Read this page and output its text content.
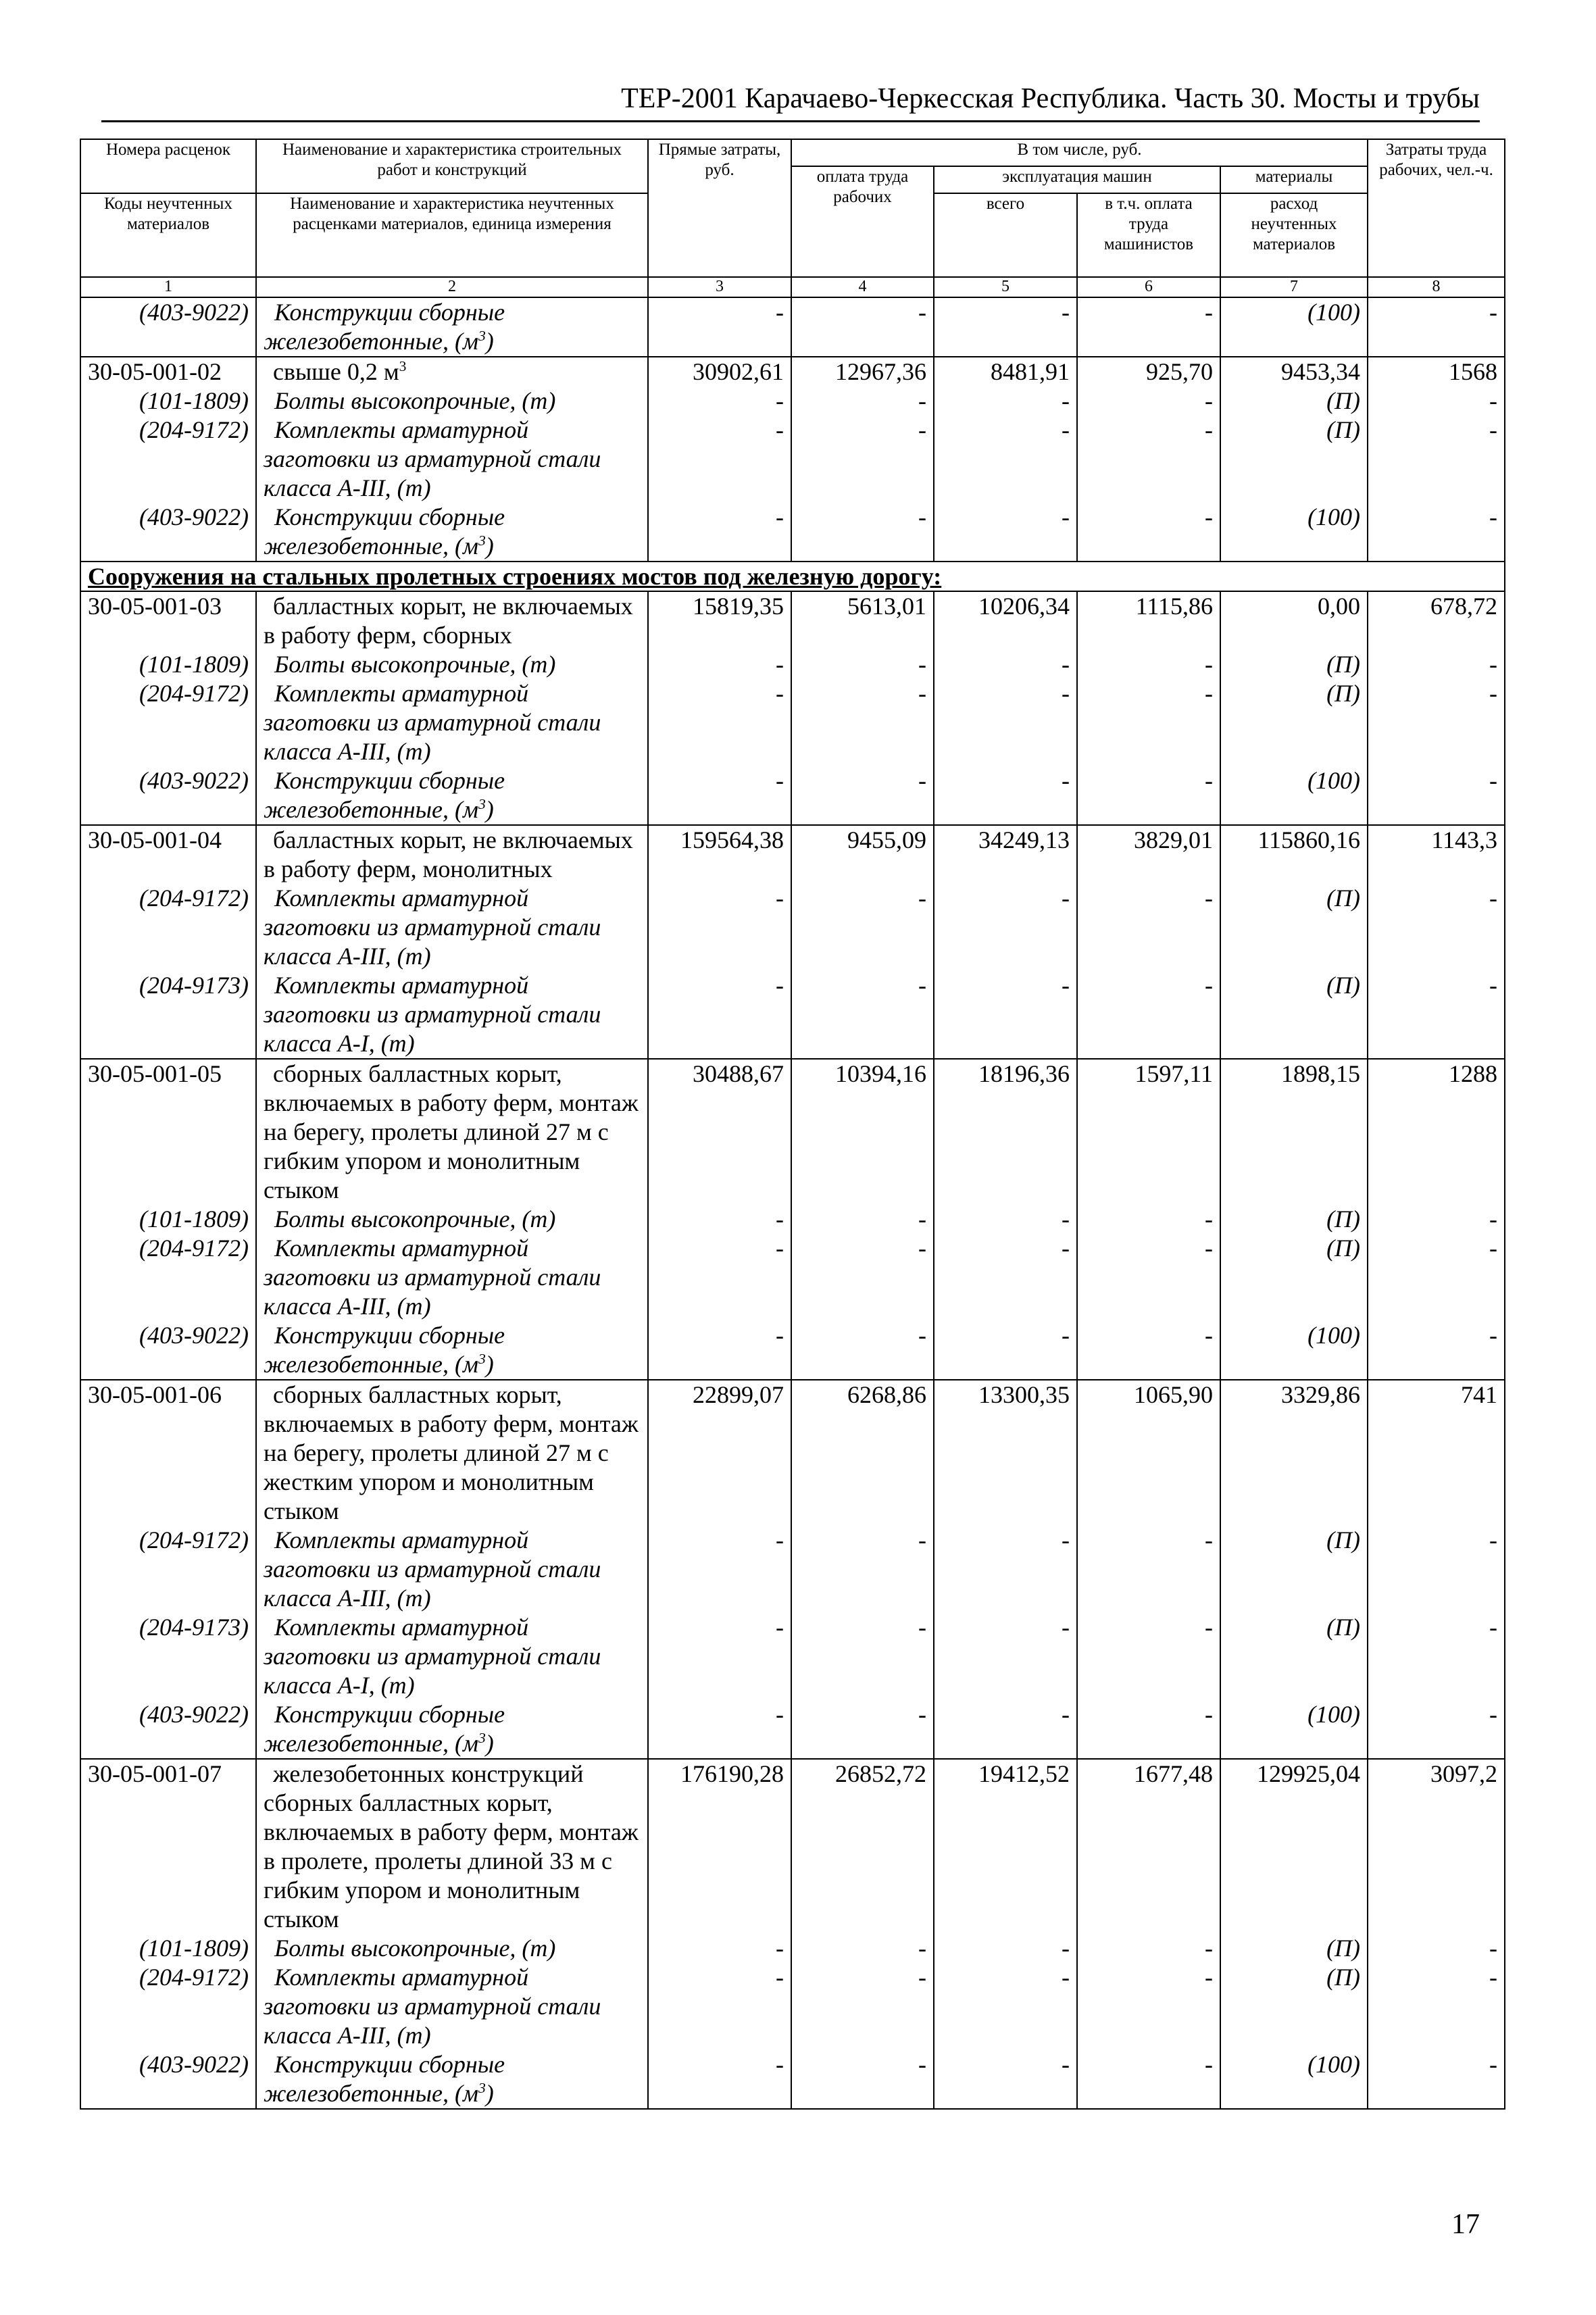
ТЕР-2001 Карачаево-Черкесская Республика. Часть 30. Мосты и трубы
Номера расценок	Наименование и характеристика строительных работ и конструкций	Прямые затраты, руб.	В том числе, руб.				Затраты труда рабочих, чел.-ч.
			оплата труда рабочих	эксплуатация машин		материалы	
Коды неучтенных материалов	Наименование и характеристика неучтенных расценками материалов, единица измерения			всего	в т.ч. оплата труда машинистов	расход неучтенных материалов	

1	2	3	4	5	6	7	8
(403-9022)	Конструкции сборные железобетонные, $(м^3)$	-	-	-	-	(100)	-
30-05-001-02	свыше 0,2 $м^3$	30902,61	12967,36	8481,91	925,70	9453,34	1568
(101-1809)	Болты высокопрочные, (т)	-	-	-	-	(П)	-
(204-9172)	Комплекты арматурной заготовки из арматурной стали класса А-III, (т)	-	-	-	-	(П)	-
(403-9022)	Конструкции сборные железобетонные, $(м^3)$	-	-	-	-	(100)	-
Сооружения на стальных пролетных строениях мостов под железную дорогу:							
30-05-001-03	балластных корыт, не включаемых в работу ферм, сборных	15819,35	5613,01	10206,34	1115,86	0,00	678,72
(101-1809)	Болты высокопрочные, (т)	-	-	-	-	(П)	-
(204-9172)	Комплекты арматурной заготовки из арматурной стали класса А-III, (т)	-	-	-	-	(П)	-
(403-9022)	Конструкции сборные железобетонные, $(м^3)$	-	-	-	-	(100)	-
30-05-001-04	балластных корыт, не включаемых в работу ферм, монолитных	159564,38	9455,09	34249,13	3829,01	115860,16	1143,3
(204-9172)	Комплекты арматурной заготовки из арматурной стали класса А-III, (т)	-	-	-	-	(П)	-
(204-9173)	Комплекты арматурной заготовки из арматурной стали класса А-I, (т)	-	-	-	-	(П)	-
30-05-001-05	сборных балластных корыт, включаемых в работу ферм, монтаж на берегу, пролеты длиной 27 м с гибким упором и монолитным стыком	30488,67	10394,16	18196,36	1597,11	1898,15	1288
(101-1809)	Болты высокопрочные, (т)	-	-	-	-	(П)	-
(204-9172)	Комплекты арматурной заготовки из арматурной стали класса А-III, (т)	-	-	-	-	(П)	-
(403-9022)	Конструкции сборные железобетонные, $(м^3)$	-	-	-	-	(100)	-
30-05-001-06	сборных балластных корыт, включаемых в работу ферм, монтаж на берегу, пролеты длиной 27 м с жестким упором и монолитным стыком	22899,07	6268,86	13300,35	1065,90	3329,86	741
(204-9172)	Комплекты арматурной заготовки из арматурной стали класса А-III, (т)	-	-	-	-	(П)	-
(204-9173)	Комплекты арматурной заготовки из арматурной стали класса А-I, (т)	-	-	-	-	(П)	-
(403-9022)	Конструкции сборные железобетонные, $(м^3)$	-	-	-	-	(100)	-
30-05-001-07	железобетонных конструкций сборных балластных корыт, включаемых в работу ферм, монтаж в пролете, пролеты длиной 33 м с гибким упором и монолитным стыком	176190,28	26852,72	19412,52	1677,48	129925,04	3097,2
(101-1809)	Болты высокопрочные, (т)	-	-	-	-	(П)	-
(204-9172)	Комплекты арматурной заготовки из арматурной стали класса А-III, (т)	-	-	-	-	(П)	-
(403-9022)	Конструкции сборные железобетонные, $(м^3)$	-	-	-	-	(100)	-
17
